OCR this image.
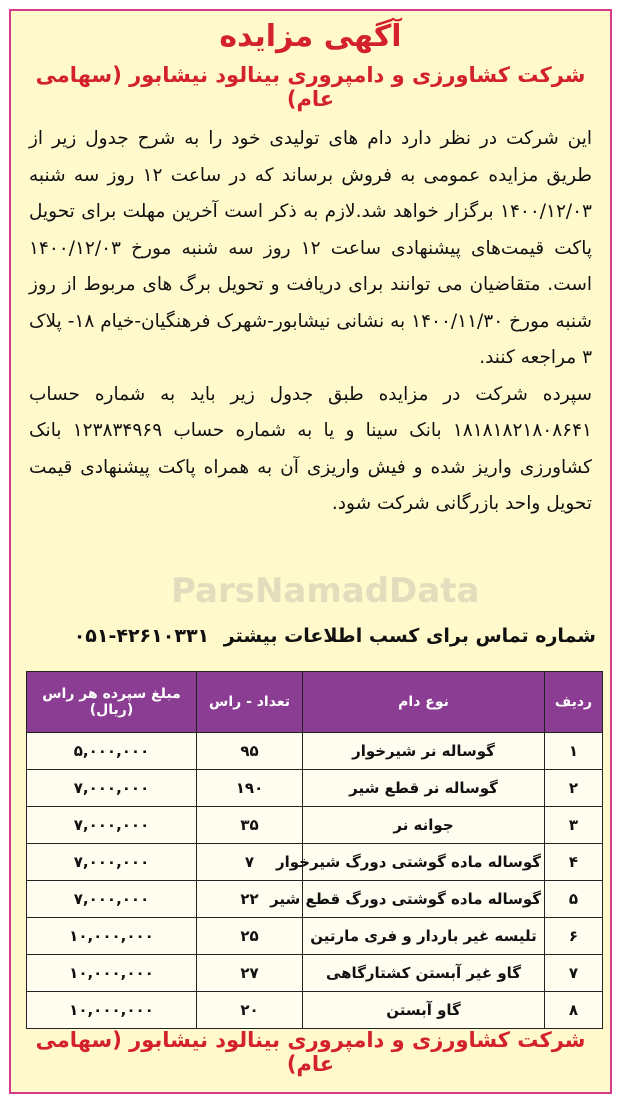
آگهی مزایده
شرکت کشاورزی و دامپروری بینالود نیشابور (سهامی عام)

این شرکت در نظر دارد دام های تولیدی خود را به شرح جدول زیر از طریق مزایده عمومی به فروش برساند که در ساعت ۱۲ روز سه شنبه ۱۴۰۰/۱۲/۰۳ برگزار خواهد شد.لازم به ذکر است آخرین مهلت برای تحویل پاکت قیمت‌های پیشنهادی ساعت ۱۲ روز سه شنبه مورخ ۱۴۰۰/۱۲/۰۳ است. متقاضیان می توانند برای دریافت و تحویل برگ های مربوط از روز شنبه مورخ ۱۴۰۰/۱۱/۳۰ به نشانی نیشابور-شهرک فرهنگیان-خیام ۱۸- پلاک ۳ مراجعه کنند.

سپرده شرکت در مزایده طبق جدول زیر باید به شماره حساب ۱۸۱۸۱۸۲۱۸۰۸۶۴۱ بانک سینا و یا به شماره حساب ۱۲۳۸۳۴۹۶۹ بانک کشاورزی واریز شده و فیش واریزی آن به همراه پاکت پیشنهادی قیمت تحویل واحد بازرگانی شرکت شود.

ParsNamadData
شماره تماس برای کسب اطلاعات بیشتر ۰۵۱-۴۲۶۱۰۳۳۱
ردیف	نوع دام	تعداد - راس	مبلغ سپرده هر راس (ریال)
۱	گوساله نر شیرخوار	۹۵	۵,۰۰۰,۰۰۰
۲	گوساله نر قطع شیر	۱۹۰	۷,۰۰۰,۰۰۰
۳	جوانه نر	۳۵	۷,۰۰۰,۰۰۰
۴	گوساله ماده گوشتی دورگ شیرخوار	۷	۷,۰۰۰,۰۰۰
۵	گوساله ماده گوشتی دورگ قطع شیر	۲۲	۷,۰۰۰,۰۰۰
۶	تلیسه غیر باردار و فری مارتین	۲۵	۱۰,۰۰۰,۰۰۰
۷	گاو غیر آبستن کشتارگاهی	۲۷	۱۰,۰۰۰,۰۰۰
۸	گاو آبستن	۲۰	۱۰,۰۰۰,۰۰۰
شرکت کشاورزی و دامپروری بینالود نیشابور (سهامی عام)
